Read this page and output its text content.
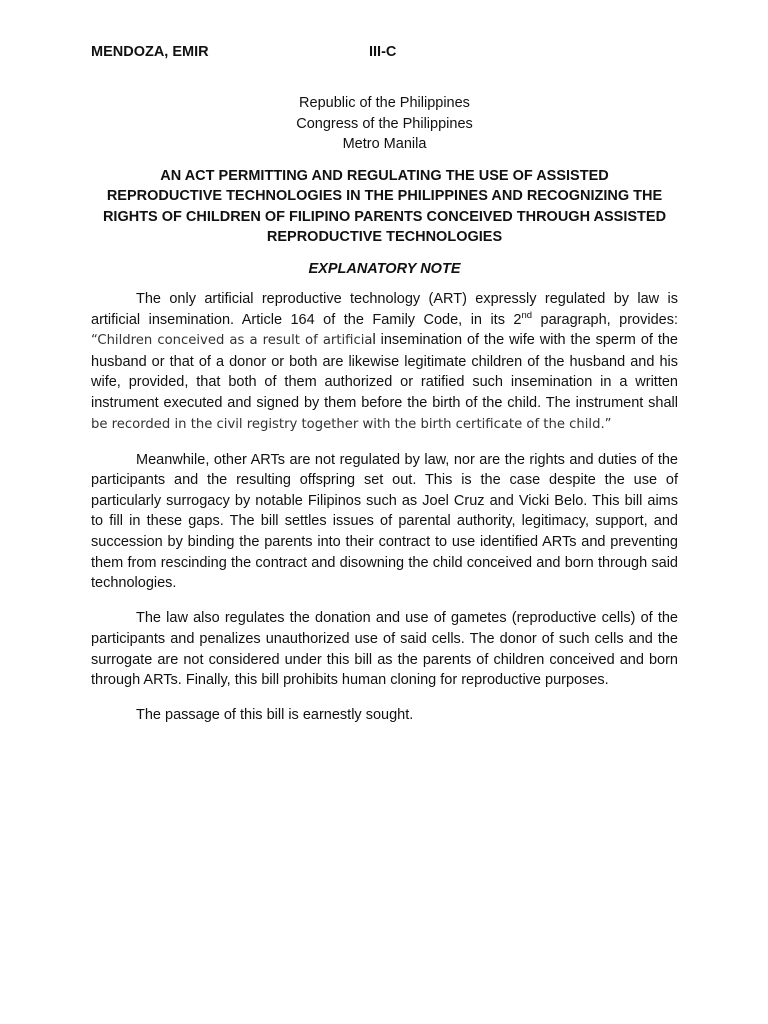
MENDOZA, EMIR	III-C
Republic of the Philippines
Congress of the Philippines
Metro Manila
AN ACT PERMITTING AND REGULATING THE USE OF ASSISTED
REPRODUCTIVE TECHNOLOGIES IN THE PHILIPPINES AND RECOGNIZING THE
RIGHTS OF CHILDREN OF FILIPINO PARENTS CONCEIVED THROUGH ASSISTED
REPRODUCTIVE TECHNOLOGIES
EXPLANATORY NOTE

The only artificial reproductive technology (ART) expressly regulated by law is artificial insemination. Article 164 of the Family Code, in its 2nd paragraph, provides: “Children conceived as a result of artificial insemination of the wife with the sperm of the husband or that of a donor or both are likewise legitimate children of the husband and his wife, provided, that both of them authorized or ratified such insemination in a written instrument executed and signed by them before the birth of the child. The instrument shall be recorded in the civil registry together with the birth certificate of the child.”

Meanwhile, other ARTs are not regulated by law, nor are the rights and duties of the participants and the resulting offspring set out. This is the case despite the use of particularly surrogacy by notable Filipinos such as Joel Cruz and Vicki Belo. This bill aims to fill in these gaps. The bill settles issues of parental authority, legitimacy, support, and succession by binding the parents into their contract to use identified ARTs and preventing them from rescinding the contract and disowning the child conceived and born through said technologies.

The law also regulates the donation and use of gametes (reproductive cells) of the participants and penalizes unauthorized use of said cells. The donor of such cells and the surrogate are not considered under this bill as the parents of children conceived and born through ARTs. Finally, this bill prohibits human cloning for reproductive purposes.

The passage of this bill is earnestly sought.
